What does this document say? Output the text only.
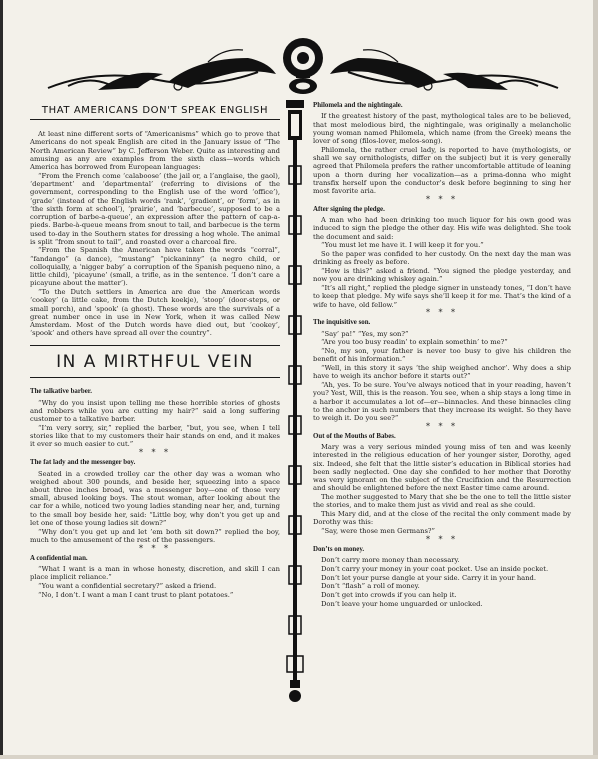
THAT AMERICANS DON'T SPEAK ENGLISH

At least nine different sorts of “Americanisms” which go to prove that Americans do not speak English are cited in the January issue of “The North American Review” by C. Jefferson Weber. Quite as interesting and amusing as any are examples from the sixth class—words which America has borrowed from European languages:

“From the French come ‘calaboose’ (the jail or, a l’anglaise, the gaol), ‘department’ and ‘departmental’ (referring to divisions of the government, corresponding to the English use of the word ‘office’), ‘grade’ (instead of the English words ‘rank’, ‘gradient’, or ‘form’, as in ‘the sixth form at school’), ‘prairie’, and ‘barbecue’, supposed to be a corruption of barbe-a-queue’, an expression after the pattern of cap-a-pieds. Barbe-à-queue means from snout to tail, and barbecue is the term used to-day in the Southern states for dressing a hog whole. The animal is split “from snout to tail”, and roasted over a charcoal fire.

“From the Spanish the American have taken the words “corral”, “fandango” (a dance), “mustang” “pickaninny” (a negro child, or colloquially, a ‘nigger baby’ a corruption of the Spanish pequeno nino, a little child), ‘picayune’ (small, a trifle, as in the sentence. ‘I don’t care a picayune about the matter’).

“To the Dutch settlers in America are due the American words ‘cookey’ (a little cake, from the Dutch koekje), ‘stoop’ (door-steps, or small porch), and ‘spook’ (a ghost). These words are the survivals of a great number once in use in New York, when it was called New Amsterdam. Most of the Dutch words have died out, but ‘cookey’, ‘spook’ and others have spread all over the country”.

IN A MIRTHFUL VEIN
The talkative barber.

“Why do you insist upon telling me these horrible stories of ghosts and robbers while you are cutting my hair?” said a long suffering customer to a talkative barber.

“I’m very sorry, sir,” replied the barber, “but, you see, when I tell stories like that to my customers their hair stands on end, and it makes it ever so much easier to cut.”

* * *
The fat lady and the messenger boy.

Seated in a crowded trolley car the other day was a woman who weighed about 300 pounds, and beside her, squeezing into a space about three inches broad, was a messenger boy—one of those very small, abused looking boys. The stout woman, after looking about the car for a while, noticed two young ladies standing near her, and, turning to the small boy beside her, said: “Little boy, why don’t you get up and let one of those young ladies sit down?”

“Why don’t you get up and let ’em both sit down?” replied the boy, much to the amusement of the rest of the passengers.

* * *
A confidential man.

“What I want is a man in whose honesty, discretion, and skill I can place implicit reliance.”

“You want a confidential secretary?” asked a friend.

“No, I don’t. I want a man I cant trust to plant potatoes.”

Philomela and the nightingale.

If the greatest history of the past, mythological tales are to be believed, that most melodious bird, the nightingale, was originally a melancholic young woman named Philomela, which name (from the Greek) means the lover of song (filos-lover, melos-song).

Philomela, the rather cruel lady, is reported to have (mythologists, or shall we say ornithologists, differ on the subject) but it is very generally agreed that Philomela prefers the rather uncomfortable attitude of leaning upon a thorn during her vocalization—as a prima-donna who might transfix herself upon the conductor’s desk before beginning to sing her most favorite aria.

* * *
After signing the pledge.

A man who had been drinking too much liquor for his own good was induced to sign the pledge the other day. His wife was delighted. She took the document and said:

“You must let me have it. I will keep it for you.”

So the paper was confided to her custody. On the next day the man was drinking as freely as before.

“How is this?” asked a friend. “You signed the pledge yesterday, and now you are drinking whiskey again.”

“It’s all right,” replied the pledge signer in unsteady tones, “I don’t have to keep that pledge. My wife says she’ll keep it for me. That’s the kind of a wife to have, old fellow.”

* * *
The inquisitive son.

“Say’ pa!” “Yes, my son?”

“Are you too busy readin’ to explain somethin’ to me?”

“No, my son, your father is never too busy to give his children the benefit of his information.”

“Well, in this story it says ‘the ship weighed anchor’. Why does a ship have to weigh its anchor before it starts out?”

“Ah, yes. To be sure. You’ve always noticed that in your reading, haven’t you? Yest, Will, this is the reason. You see, when a ship stays a long time in a harbor it accumulates a lot of—er—binnacles. And these binnacles cling to the anchor in such numbers that they increase its weight. So they have to weigh it. Do you see?”

* * *
Out of the Mouths of Babes.

Mary was a very serious minded young miss of ten and was keenly interested in the religious education of her younger sister, Dorothy, aged six. Indeed, she felt that the little sister’s education in Biblical stories had been sadly neglected. One day she confided to her mother that Dorothy was very ignorant on the subject of the Crucifixion and the Resurrection and should be enlightened before the next Easter time came around.

The mother suggested to Mary that she be the one to tell the little sister the stories, and to make them just as vivid and real as she could.

This Mary did, and at the close of the recital the only comment made by Dorothy was this:

“Say, were those men Germans?”

* * *
Don’ts on money.

Don’t carry more money than necessary.

Don’t carry your money in your coat pocket. Use an inside pocket.

Don’t let your purse dangle at your side. Carry it in your hand.

Don’t “flash” a roll of money.

Don’t get into crowds if you can help it.

Don’t leave your home unguarded or unlocked.
